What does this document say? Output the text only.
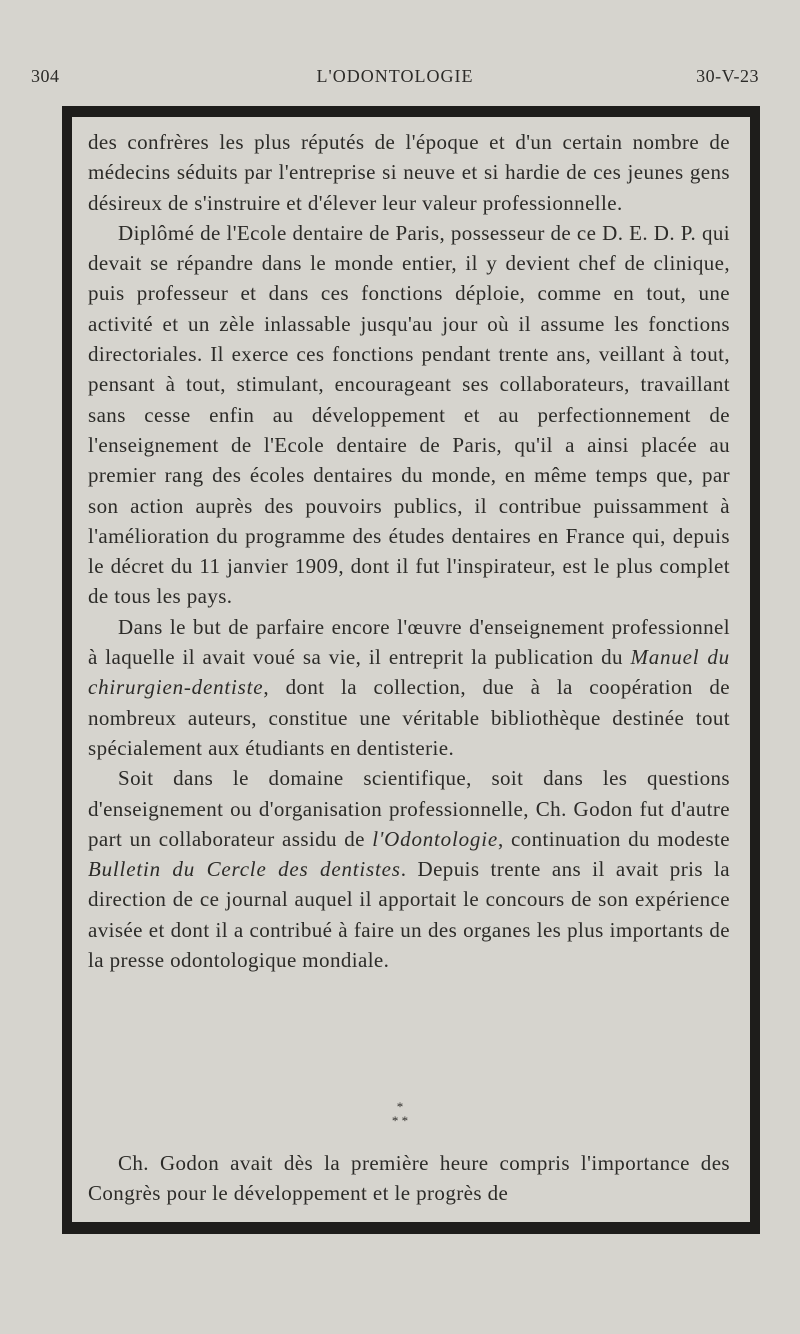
304	L'ODONTOLOGIE	30-V-23

des confrères les plus réputés de l'époque et d'un certain nombre de médecins séduits par l'entreprise si neuve et si hardie de ces jeunes gens désireux de s'instruire et d'élever leur valeur professionnelle.

Diplômé de l'Ecole dentaire de Paris, possesseur de ce D. E. D. P. qui devait se répandre dans le monde entier, il y devient chef de clinique, puis professeur et dans ces fonctions déploie, comme en tout, une activité et un zèle inlassable jusqu'au jour où il assume les fonctions directoriales. Il exerce ces fonctions pendant trente ans, veillant à tout, pensant à tout, stimulant, encourageant ses collaborateurs, travaillant sans cesse enfin au développement et au perfectionnement de l'enseignement de l'Ecole dentaire de Paris, qu'il a ainsi placée au premier rang des écoles dentaires du monde, en même temps que, par son action auprès des pouvoirs publics, il contribue puissamment à l'amélioration du programme des études dentaires en France qui, depuis le décret du 11 janvier 1909, dont il fut l'inspirateur, est le plus complet de tous les pays.

Dans le but de parfaire encore l'œuvre d'enseignement professionnel à laquelle il avait voué sa vie, il entreprit la publication du Manuel du chirurgien-dentiste, dont la collection, due à la coopération de nombreux auteurs, constitue une véritable bibliothèque destinée tout spécialement aux étudiants en dentisterie.

Soit dans le domaine scientifique, soit dans les questions d'enseignement ou d'organisation professionnelle, Ch. Godon fut d'autre part un collaborateur assidu de l'Odontologie, continuation du modeste Bulletin du Cercle des dentistes. Depuis trente ans il avait pris la direction de ce journal auquel il apportait le concours de son expérience avisée et dont il a contribué à faire un des organes les plus importants de la presse odontologique mondiale.

*
* *

Ch. Godon avait dès la première heure compris l'importance des Congrès pour le développement et le progrès de
